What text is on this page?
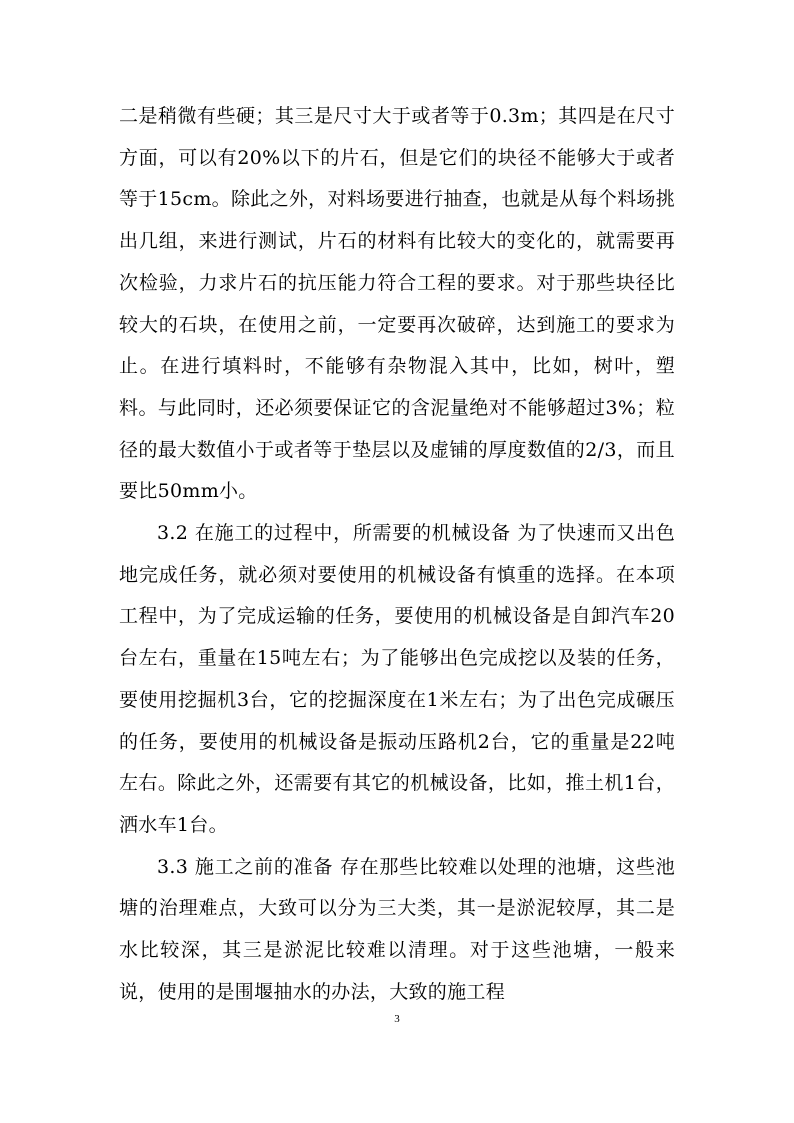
二是稍微有些硬；其三是尺寸大于或者等于0.3m；其四是在尺寸方面，可以有20%以下的片石，但是它们的块径不能够大于或者等于15cm。除此之外，对料场要进行抽查，也就是从每个料场挑出几组，来进行测试，片石的材料有比较大的变化的，就需要再次检验，力求片石的抗压能力符合工程的要求。对于那些块径比较大的石块，在使用之前，一定要再次破碎，达到施工的要求为止。在进行填料时，不能够有杂物混入其中，比如，树叶，塑料。与此同时，还必须要保证它的含泥量绝对不能够超过3%；粒径的最大数值小于或者等于垫层以及虚铺的厚度数值的2/3，而且要比50mm小。

3.2 在施工的过程中，所需要的机械设备 为了快速而又出色地完成任务，就必须对要使用的机械设备有慎重的选择。在本项工程中，为了完成运输的任务，要使用的机械设备是自卸汽车20台左右，重量在15吨左右；为了能够出色完成挖以及装的任务，要使用挖掘机3台，它的挖掘深度在1米左右；为了出色完成碾压的任务，要使用的机械设备是振动压路机2台，它的重量是22吨左右。除此之外，还需要有其它的机械设备，比如，推土机1台，洒水车1台。

3.3 施工之前的准备 存在那些比较难以处理的池塘，这些池塘的治理难点，大致可以分为三大类，其一是淤泥较厚，其二是水比较深，其三是淤泥比较难以清理。对于这些池塘，一般来说，使用的是围堰抽水的办法，大致的施工程

3
